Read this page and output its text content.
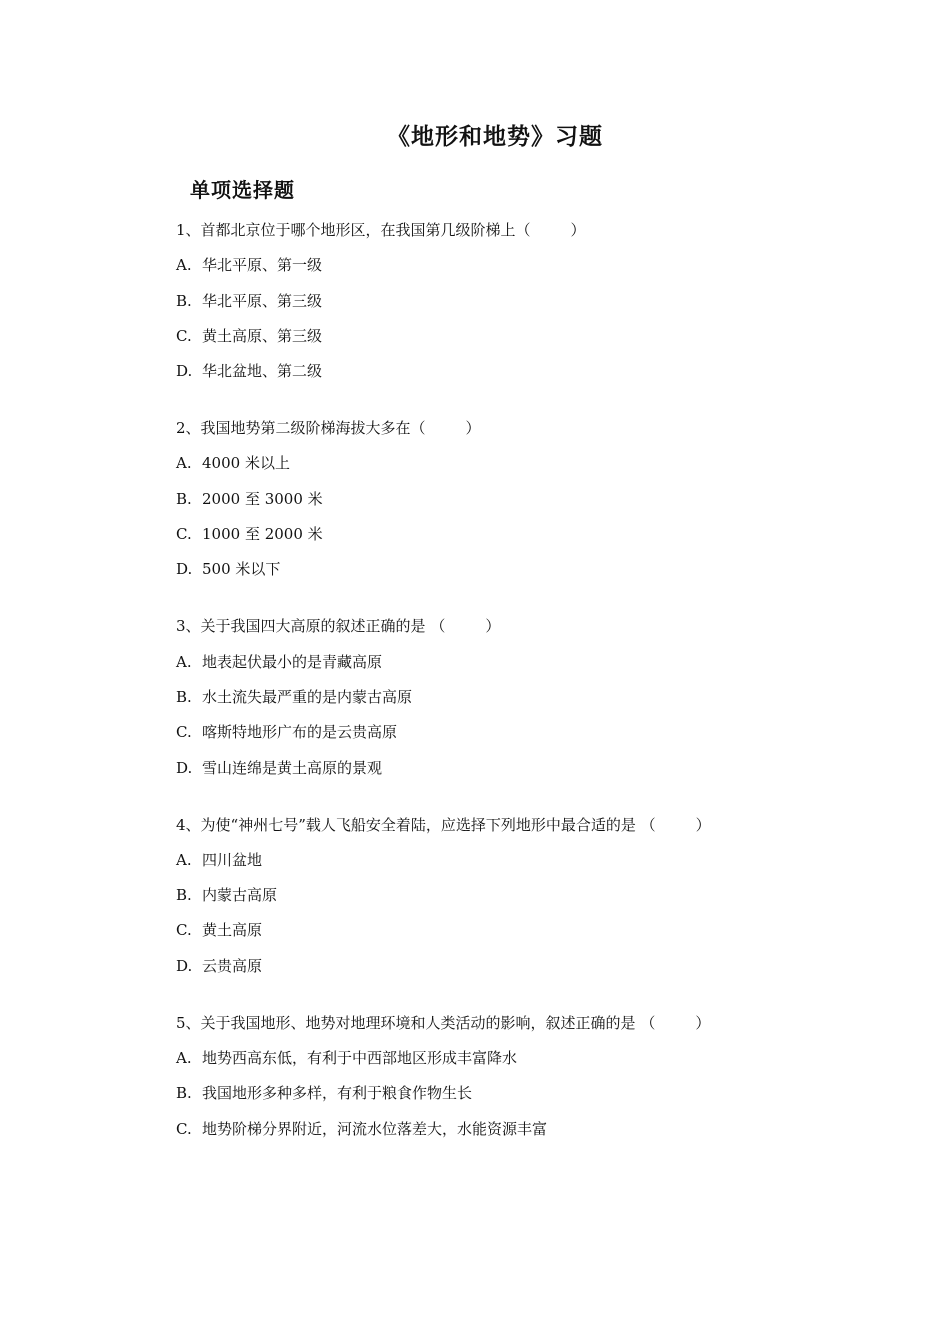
《地形和地势》习题
单项选择题
1、首都北京位于哪个地形区，在我国第几级阶梯上（	）
A. 华北平原、第一级
B. 华北平原、第三级
C. 黄土高原、第三级
D. 华北盆地、第二级
2、我国地势第二级阶梯海拔大多在（	）
A. 4000 米以上
B. 2000 至 3000 米
C. 1000 至 2000 米
D. 500 米以下
3、关于我国四大高原的叙述正确的是 （	）
A. 地表起伏最小的是青藏高原
B. 水土流失最严重的是内蒙古高原
C. 喀斯特地形广布的是云贵高原
D. 雪山连绵是黄土高原的景观
4、为使“神州七号”载人飞船安全着陆，应选择下列地形中最合适的是 （	）
A. 四川盆地
B. 内蒙古高原
C. 黄土高原
D. 云贵高原
5、关于我国地形、地势对地理环境和人类活动的影响，叙述正确的是 （	）
A. 地势西高东低，有利于中西部地区形成丰富降水
B. 我国地形多种多样，有利于粮食作物生长
C. 地势阶梯分界附近，河流水位落差大，水能资源丰富
